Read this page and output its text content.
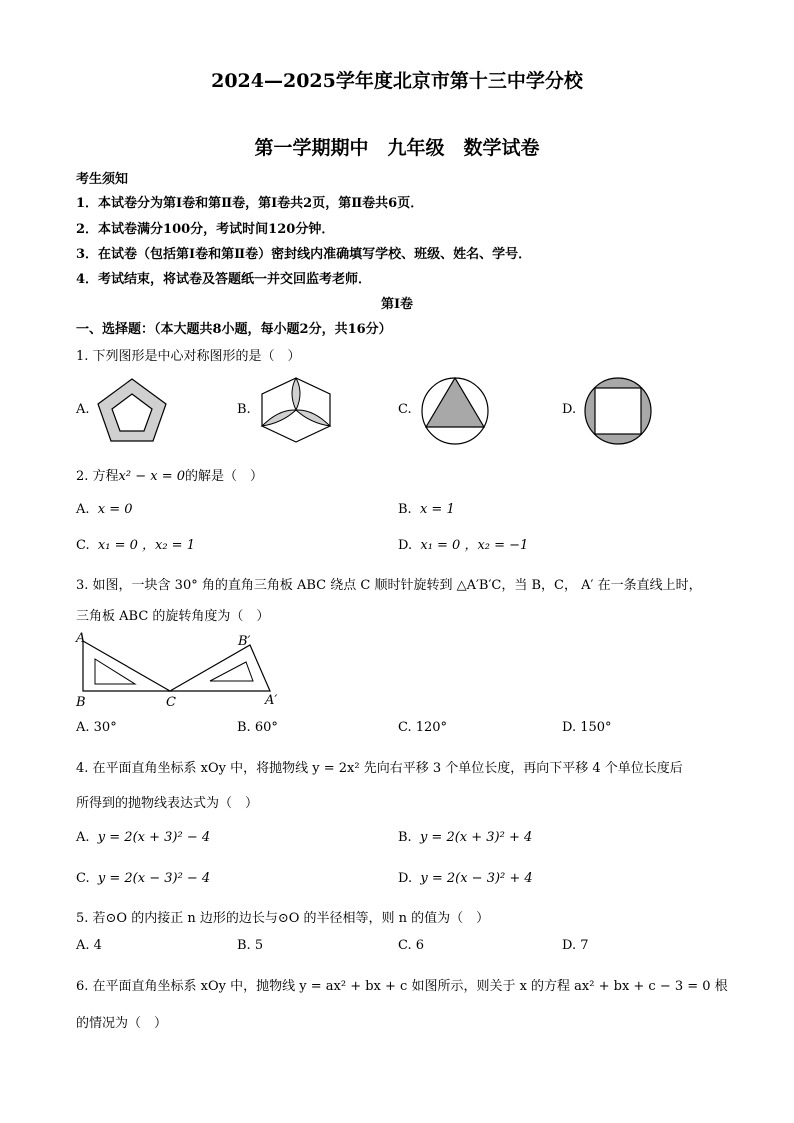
2024—2025学年度北京市第十三中学分校
第一学期期中　九年级　数学试卷
考生须知
1．本试卷分为第Ⅰ卷和第Ⅱ卷，第Ⅰ卷共2页，第Ⅱ卷共6页．
2．本试卷满分100分，考试时间120分钟．
3．在试卷（包括第Ⅰ卷和第Ⅱ卷）密封线内准确填写学校、班级、姓名、学号．
4．考试结束，将试卷及答题纸一并交回监考老师．
第Ⅰ卷
一、选择题：（本大题共8小题，每小题2分，共16分）
1. 下列图形是中心对称图形的是（　）
A.	B.	C.	D.
2. 方程x² − x = 0的解是（　）
A. x = 0	B. x = 1
C. x₁ = 0 ，x₂ = 1	D. x₁ = 0 ，x₂ = −1
3. 如图，一块含 30° 角的直角三角板 ABC 绕点 C 顺时针旋转到 △A′B′C，当 B，C， A′ 在一条直线上时，
三角板 ABC 的旋转角度为（　）
A
B	C
B′
A′
A. 30°	B. 60°	C. 120°	D. 150°
4. 在平面直角坐标系 xOy 中，将抛物线 y = 2x² 先向右平移 3 个单位长度，再向下平移 4 个单位长度后
所得到的抛物线表达式为（　）
A. y = 2(x + 3)² − 4	B. y = 2(x + 3)² + 4
C. y = 2(x − 3)² − 4	D. y = 2(x − 3)² + 4
5. 若⊙O 的内接正 n 边形的边长与⊙O 的半径相等，则 n 的值为（　）
A. 4	B. 5	C. 6	D. 7
6. 在平面直角坐标系 xOy 中，抛物线 y = ax² + bx + c 如图所示，则关于 x 的方程 ax² + bx + c − 3 = 0 根
的情况为（　）
